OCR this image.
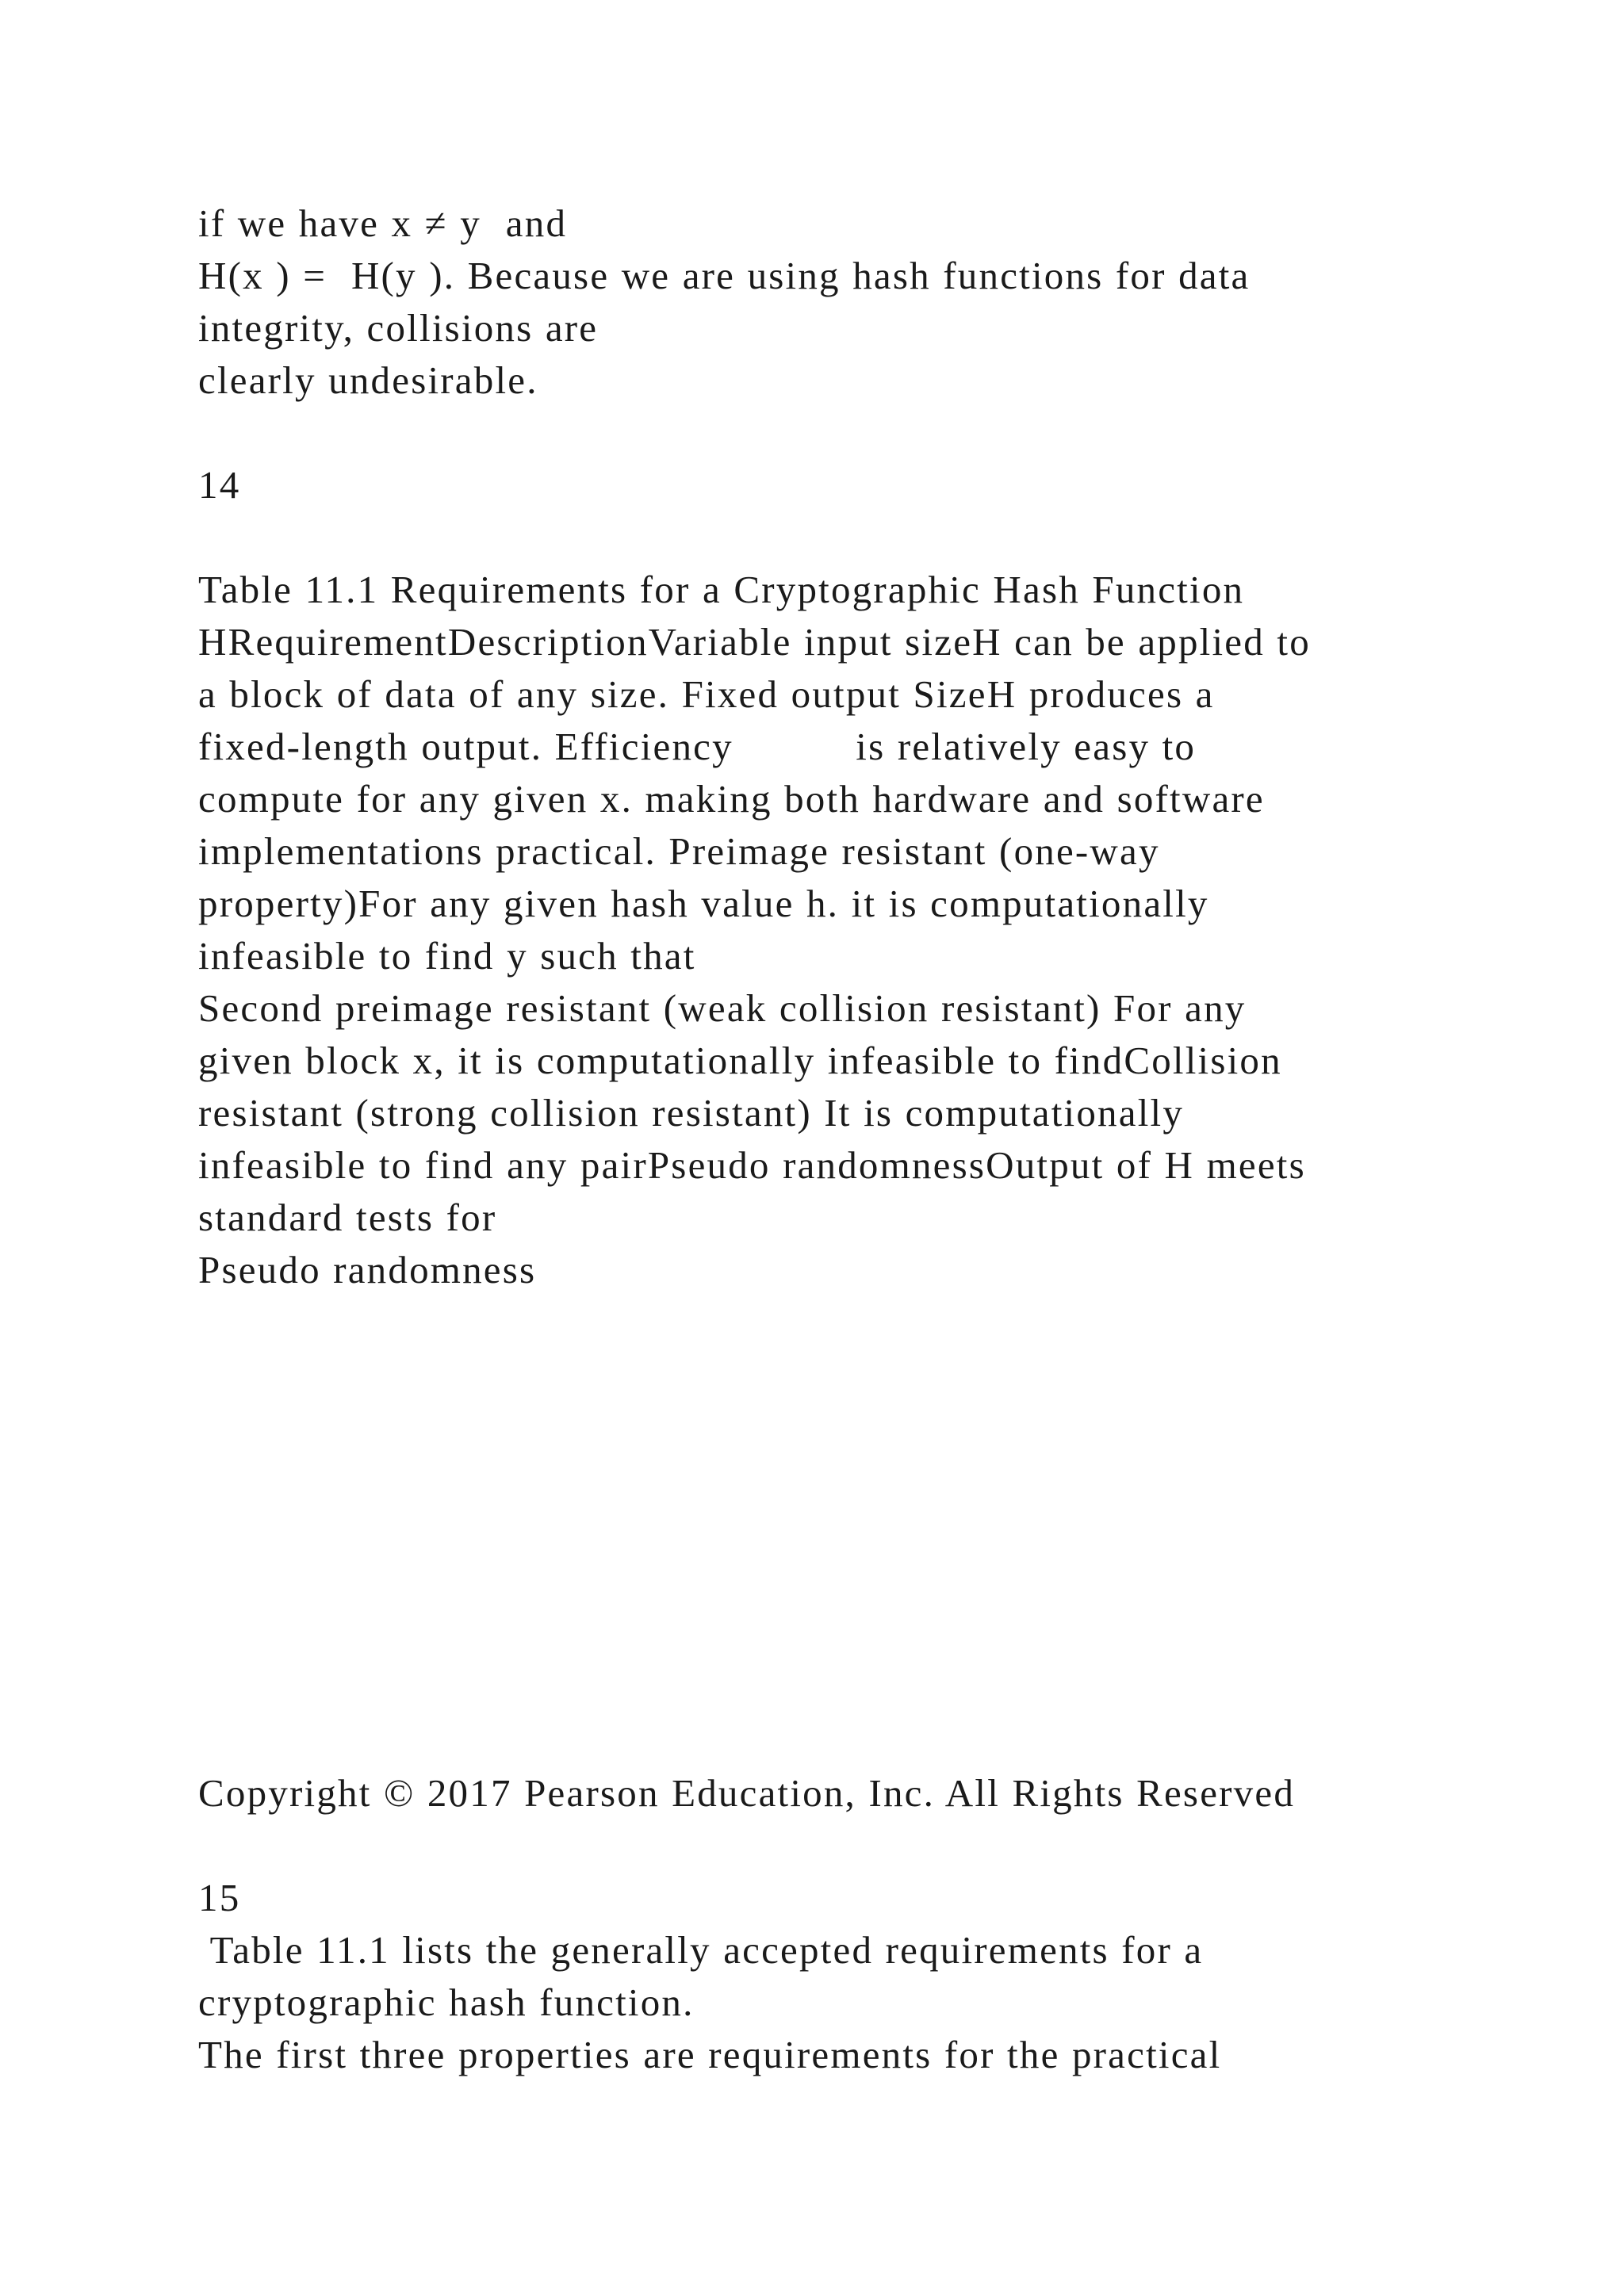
if we have x ≠ y  and

H(x ) =  H(y ). Because we are using hash functions for data

integrity, collisions are

clearly undesirable.

14

Table 11.1 Requirements for a Cryptographic Hash Function

HRequirementDescriptionVariable input sizeH can be applied to

a block of data of any size. Fixed output SizeH produces a

fixed-length output. Efficiency          is relatively easy to

compute for any given x. making both hardware and software

implementations practical. Preimage resistant (one-way

property)For any given hash value h. it is computationally

infeasible to find y such that

Second preimage resistant (weak collision resistant) For any

given block x, it is computationally infeasible to findCollision

resistant (strong collision resistant) It is computationally

infeasible to find any pairPseudo randomnessOutput of H meets

standard tests for

Pseudo randomness

Copyright © 2017 Pearson Education, Inc. All Rights Reserved

15

Table 11.1 lists the generally accepted requirements for a

cryptographic hash function.

The first three properties are requirements for the practical
